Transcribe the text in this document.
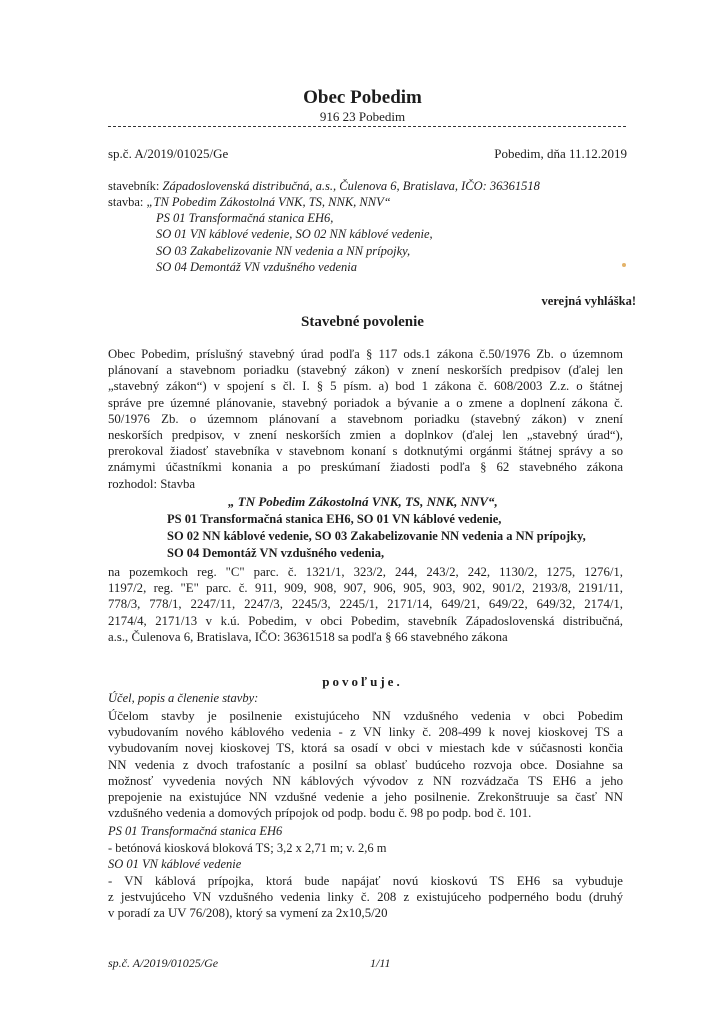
Obec Pobedim
916 23 Pobedim
sp.č. A/2019/01025/Ge	Pobedim, dňa 11.12.2019
stavebník: Západoslovenská distribučná, a.s., Čulenova 6, Bratislava, IČO: 36361518
stavba: „TN Pobedim Zákostolná VNK, TS, NNK, NNV“
PS 01 Transformačná stanica EH6,
SO 01 VN káblové vedenie, SO 02 NN káblové vedenie,
SO 03 Zakabelizovanie NN vedenia a NN prípojky,
SO 04 Demontáž VN vzdušného vedenia
verejná vyhláška!
Stavebné povolenie
Obec Pobedim, príslušný stavebný úrad podľa § 117 ods.1 zákona č.50/1976 Zb. o územnom
plánovaní a stavebnom poriadku (stavebný zákon) v znení neskorších predpisov (ďalej len
„stavebný zákon“) v spojení s čl. I. § 5 písm. a) bod 1 zákona č. 608/2003 Z.z. o štátnej
správe pre územné plánovanie, stavebný poriadok a bývanie a o zmene a doplnení zákona č.
50/1976 Zb. o územnom plánovaní a stavebnom poriadku (stavebný zákon) v znení
neskorších predpisov, v znení neskorších zmien a doplnkov (ďalej len „stavebný úrad“),
prerokoval žiadosť stavebníka v stavebnom konaní s dotknutými orgánmi štátnej správy a so
známymi účastníkmi konania a po preskúmaní žiadosti podľa § 62 stavebného zákona
rozhodol: Stavba
„ TN Pobedim Zákostolná VNK, TS, NNK, NNV“,
PS 01 Transformačná stanica EH6, SO 01 VN káblové vedenie,
SO 02 NN káblové vedenie, SO 03 Zakabelizovanie NN vedenia a NN prípojky,
SO 04 Demontáž VN vzdušného vedenia,
na pozemkoch reg. "C" parc. č. 1321/1, 323/2, 244, 243/2, 242, 1130/2, 1275, 1276/1,
1197/2, reg. "E" parc. č. 911, 909, 908, 907, 906, 905, 903, 902, 901/2, 2193/8, 2191/11,
778/3, 778/1, 2247/11, 2247/3, 2245/3, 2245/1, 2171/14, 649/21, 649/22, 649/32, 2174/1,
2174/4, 2171/13 v k.ú. Pobedim, v obci Pobedim, stavebník Západoslovenská distribučná,
a.s., Čulenova 6, Bratislava, IČO: 36361518 sa podľa § 66 stavebného zákona
povoľuje.
Účel, popis a členenie stavby:
Účelom stavby je posilnenie existujúceho NN vzdušného vedenia v obci Pobedim
vybudovaním nového káblového vedenia - z VN linky č. 208-499 k novej kioskovej TS a
vybudovaním novej kioskovej TS, ktorá sa osadí v obci v miestach kde v súčasnosti končia
NN vedenia z dvoch trafostaníc a posilní sa oblasť budúceho rozvoja obce. Dosiahne sa
možnosť vyvedenia nových NN káblových vývodov z NN rozvádzača TS EH6 a jeho
prepojenie na existujúce NN vzdušné vedenie a jeho posilnenie. Zrekonštruuje sa časť NN
vzdušného vedenia a domových prípojok od podp. bodu č. 98 po podp. bod č. 101.
PS 01 Transformačná stanica EH6
- betónová kiosková bloková TS; 3,2 x 2,71 m; v. 2,6 m
SO 01 VN káblové vedenie
- VN káblová prípojka, ktorá bude napájať novú kioskovú TS EH6 sa vybuduje
z jestvujúceho VN vzdušného vedenia linky č. 208 z existujúceho podperného bodu (druhý
v poradí za UV 76/208), ktorý sa vymení za 2x10,5/20
sp.č. A/2019/01025/Ge	1/11
